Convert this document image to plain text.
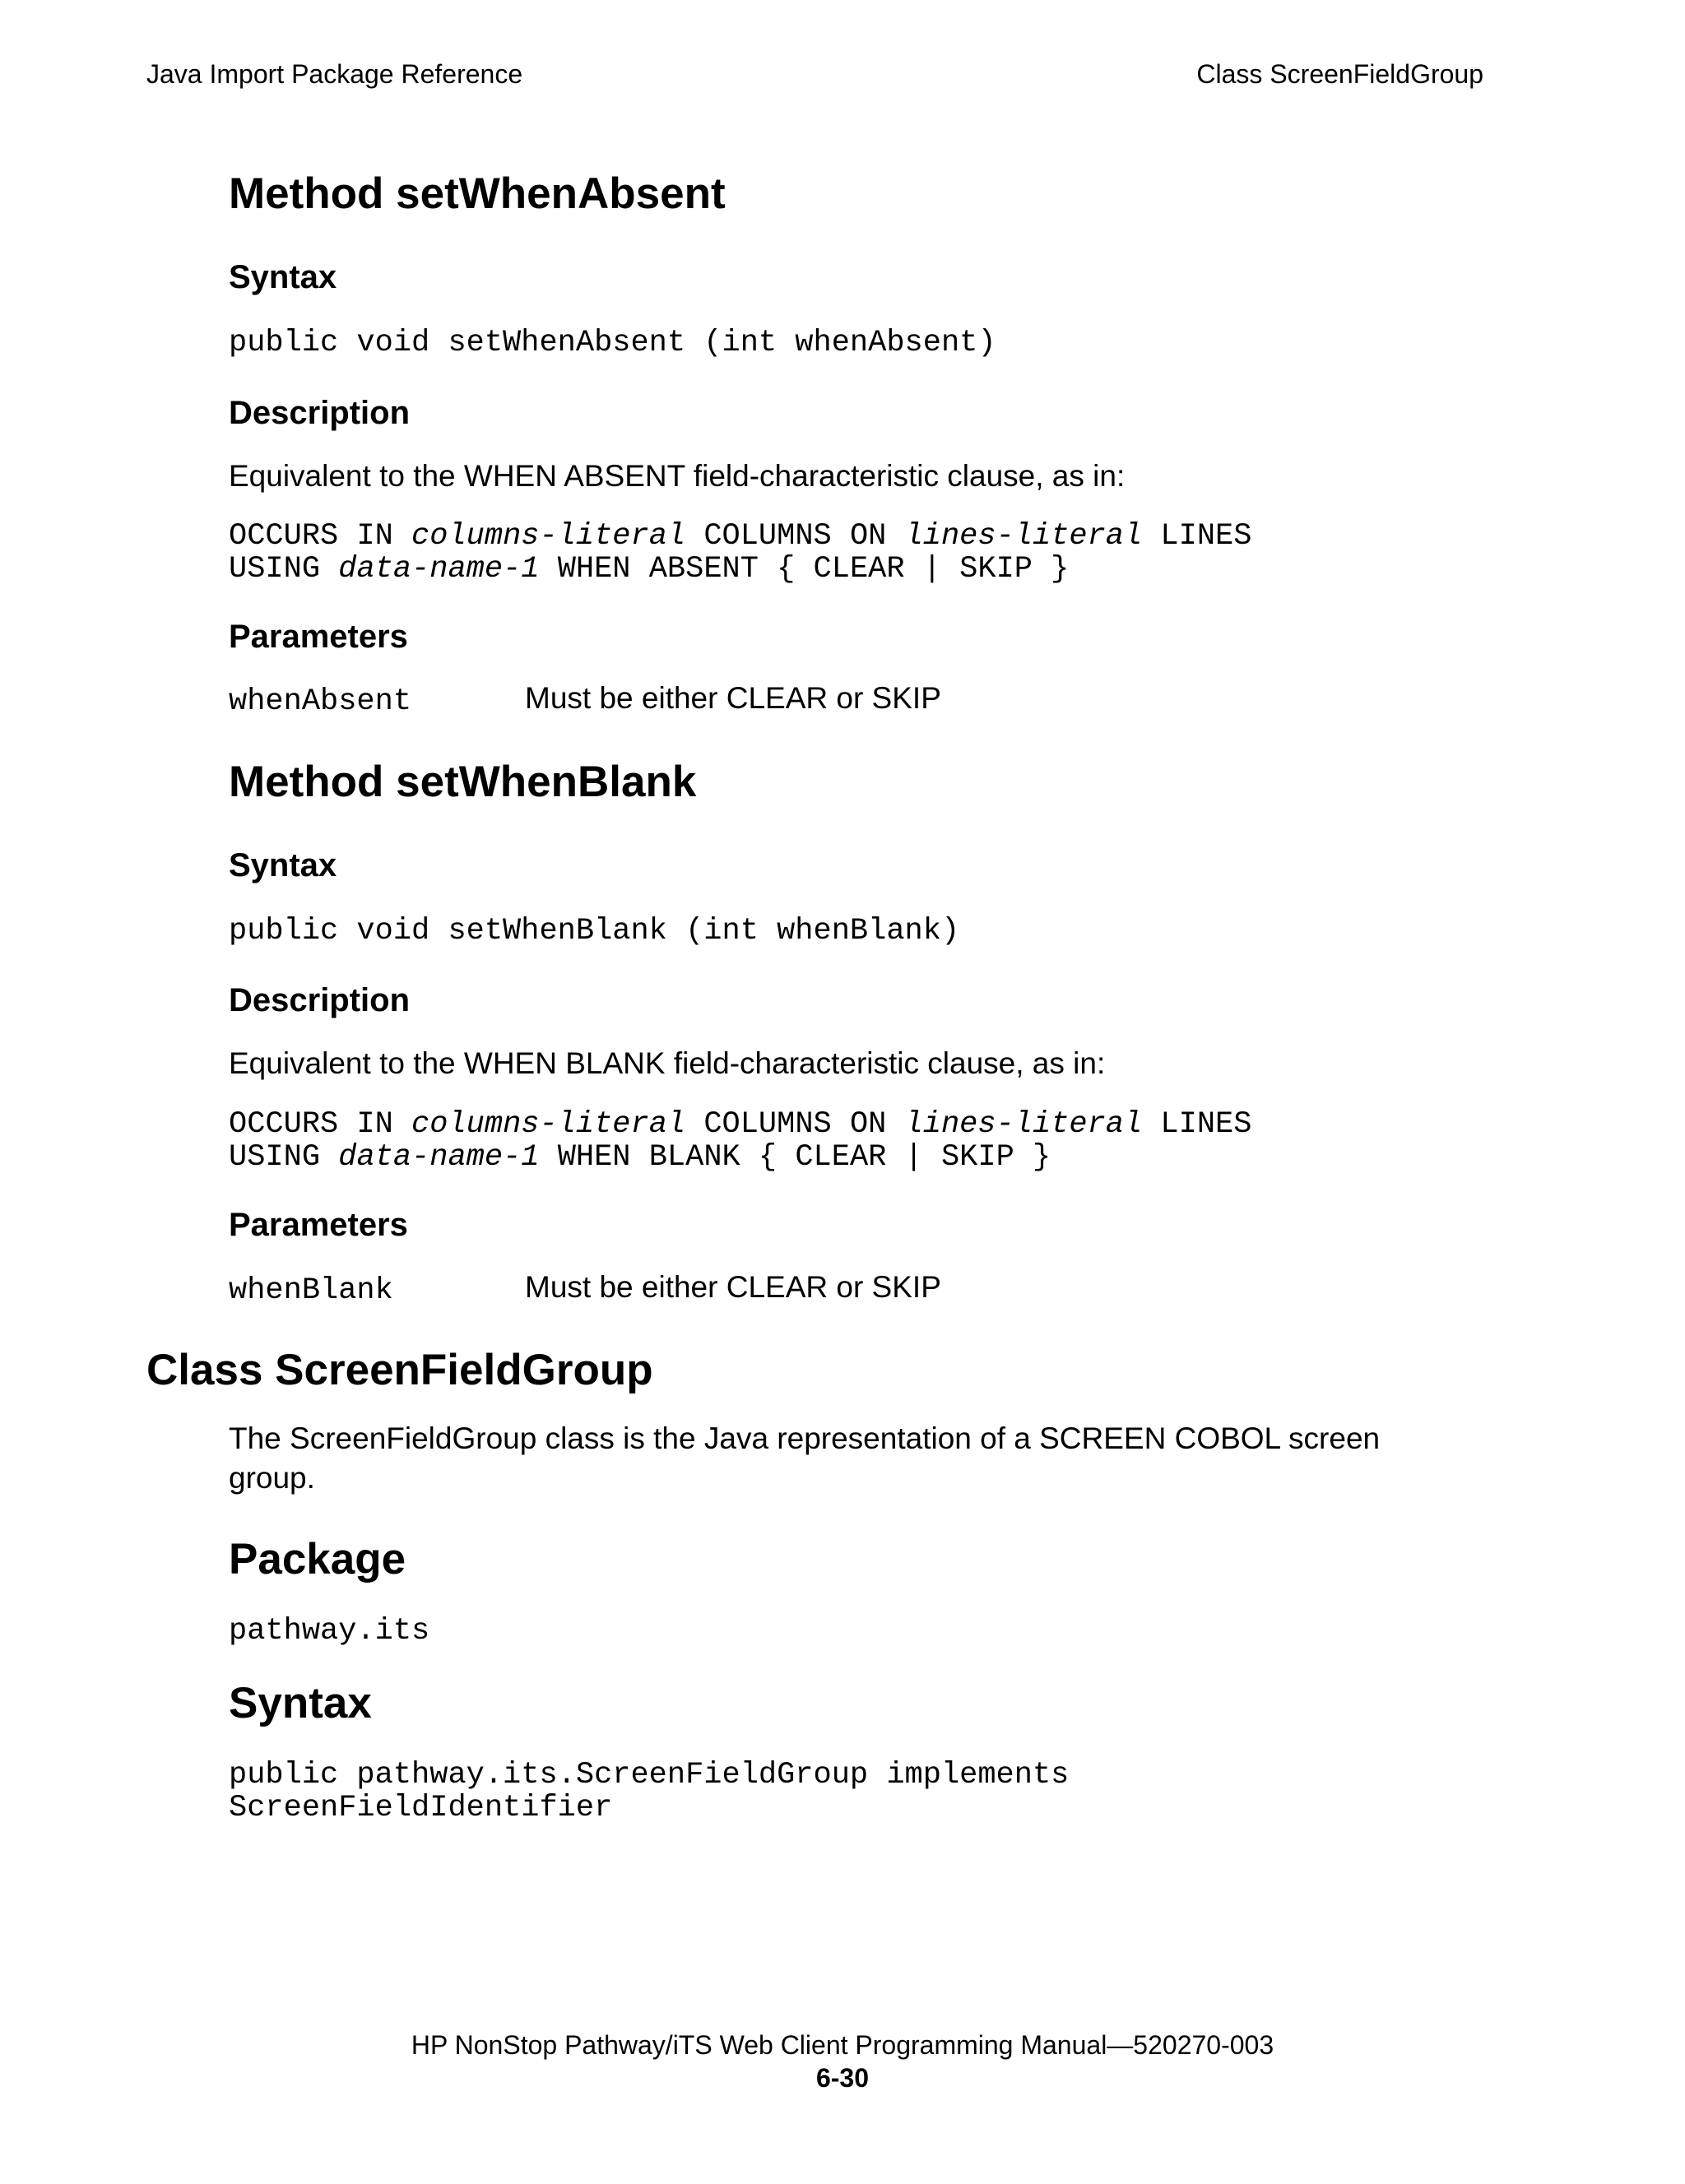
Java Import Package Reference	Class ScreenFieldGroup
Method setWhenAbsent
Syntax
public void setWhenAbsent (int whenAbsent)
Description
Equivalent to the WHEN ABSENT field-characteristic clause, as in:
OCCURS IN columns-literal COLUMNS ON lines-literal LINES
USING data-name-1 WHEN ABSENT { CLEAR | SKIP }
Parameters
whenAbsent	Must be either CLEAR or SKIP
Method setWhenBlank
Syntax
public void setWhenBlank (int whenBlank)
Description
Equivalent to the WHEN BLANK field-characteristic clause, as in:
OCCURS IN columns-literal COLUMNS ON lines-literal LINES
USING data-name-1 WHEN BLANK { CLEAR | SKIP }
Parameters
whenBlank	Must be either CLEAR or SKIP
Class ScreenFieldGroup
The ScreenFieldGroup class is the Java representation of a SCREEN COBOL screen
group.
Package
pathway.its
Syntax
public pathway.its.ScreenFieldGroup implements
ScreenFieldIdentifier
HP NonStop Pathway/iTS Web Client Programming Manual—520270-003
6-30
